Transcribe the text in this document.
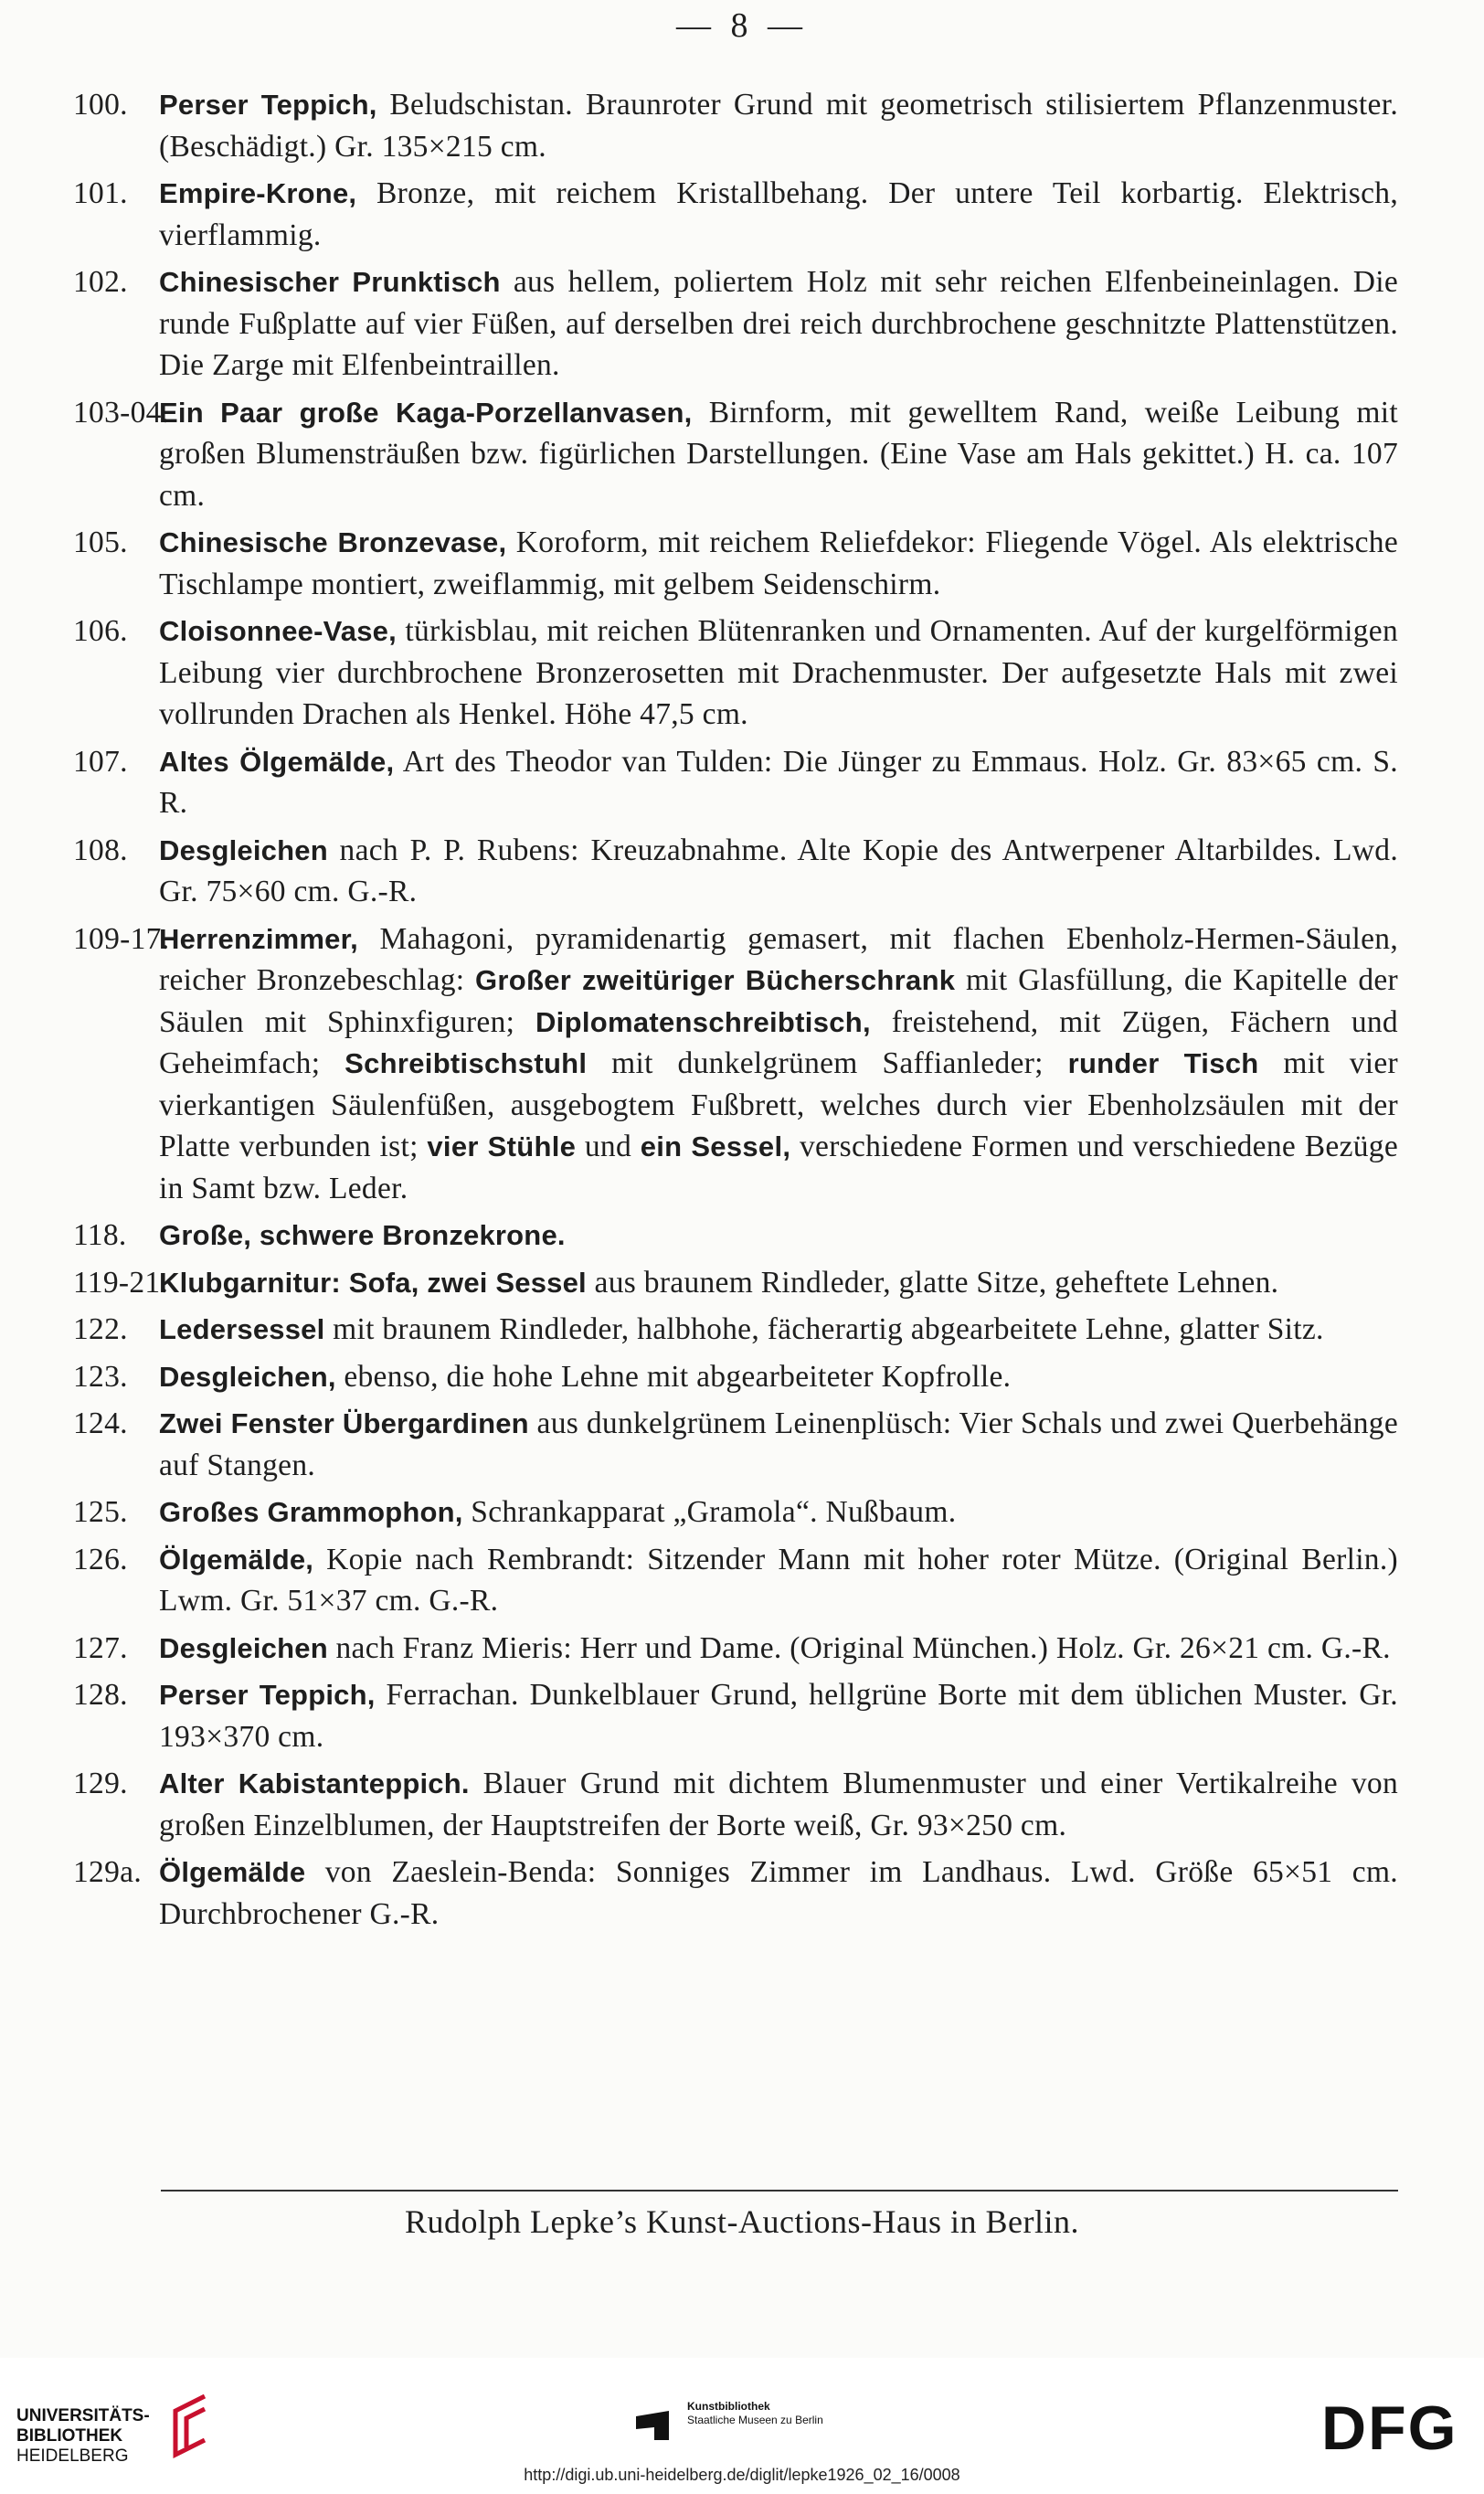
— 8 —
100. Perser Teppich, Beludschistan. Braunroter Grund mit geometrisch stilisiertem Pflanzenmuster. (Beschädigt.) Gr. 135×215 cm.
101. Empire-Krone, Bronze, mit reichem Kristallbehang. Der untere Teil korbartig. Elektrisch, vierflammig.
102. Chinesischer Prunktisch aus hellem, poliertem Holz mit sehr reichen Elfenbeineinlagen. Die runde Fußplatte auf vier Füßen, auf derselben drei reich durchbrochene geschnitzte Plattenstützen. Die Zarge mit Elfenbeintraillen.
103-04.
Ein Paar große Kaga-Porzellanvasen, Birnform, mit gewelltem Rand, weiße Leibung mit großen Blumensträußen bzw. figürlichen Darstellungen. (Eine Vase am Hals gekittet.) H. ca. 107 cm.
105. Chinesische Bronzevase, Koroform, mit reichem Reliefdekor: Fliegende Vögel. Als elektrische Tischlampe montiert, zweiflammig, mit gelbem Seidenschirm.
106. Cloisonnee-Vase, türkisblau, mit reichen Blütenranken und Ornamenten. Auf der kurgelförmigen Leibung vier durchbrochene Bronzerosetten mit Drachenmuster. Der aufgesetzte Hals mit zwei vollrunden Drachen als Henkel. Höhe 47,5 cm.
107. Altes Ölgemälde, Art des Theodor van Tulden: Die Jünger zu Emmaus. Holz. Gr. 83×65 cm. S. R.
108. Desgleichen nach P. P. Rubens: Kreuzabnahme. Alte Kopie des Antwerpener Altarbildes. Lwd. Gr. 75×60 cm. G.-R.
109-17.
Herrenzimmer, Mahagoni, pyramidenartig gemasert, mit flachen Ebenholz-Hermen-Säulen, reicher Bronzebeschlag: Großer zweitüriger Bücherschrank mit Glasfüllung, die Kapitelle der Säulen mit Sphinxfiguren; Diplomatenschreibtisch, freistehend, mit Zügen, Fächern und Geheimfach; Schreibtischstuhl mit dunkelgrünem Saffianleder; runder Tisch mit vier vierkantigen Säulenfüßen, ausgebogtem Fußbrett, welches durch vier Ebenholzsäulen mit der Platte verbunden ist; vier Stühle und ein Sessel, verschiedene Formen und verschiedene Bezüge in Samt bzw. Leder.
118. Große, schwere Bronzekrone.
119-21.
Klubgarnitur: Sofa, zwei Sessel aus braunem Rindleder, glatte Sitze, geheftete Lehnen.
122. Ledersessel mit braunem Rindleder, halbhohe, fächerartig abgearbeitete Lehne, glatter Sitz.
123. Desgleichen, ebenso, die hohe Lehne mit abgearbeiteter Kopfrolle.
124. Zwei Fenster Übergardinen aus dunkelgrünem Leinenplüsch: Vier Schals und zwei Querbehänge auf Stangen.
125. Großes Grammophon, Schrankapparat „Gramola“. Nußbaum.
126. Ölgemälde, Kopie nach Rembrandt: Sitzender Mann mit hoher roter Mütze. (Original Berlin.) Lwm. Gr. 51×37 cm. G.-R.
127. Desgleichen nach Franz Mieris: Herr und Dame. (Original München.) Holz. Gr. 26×21 cm. G.-R.
128. Perser Teppich, Ferrachan. Dunkelblauer Grund, hellgrüne Borte mit dem üblichen Muster. Gr. 193×370 cm.
129. Alter Kabistanteppich. Blauer Grund mit dichtem Blumenmuster und einer Vertikalreihe von großen Einzelblumen, der Hauptstreifen der Borte weiß, Gr. 93×250 cm.
129a. Ölgemälde von Zaeslein-Benda: Sonniges Zimmer im Landhaus. Lwd. Größe 65×51 cm. Durchbrochener G.-R.
Rudolph Lepke’s Kunst-Auctions-Haus in Berlin.
UNIVERSITÄTS-
BIBLIOTHEK
HEIDELBERG
Kunstbibliothek
Staatliche Museen zu Berlin	DFG
http://digi.ub.uni-heidelberg.de/diglit/lepke1926_02_16/0008
